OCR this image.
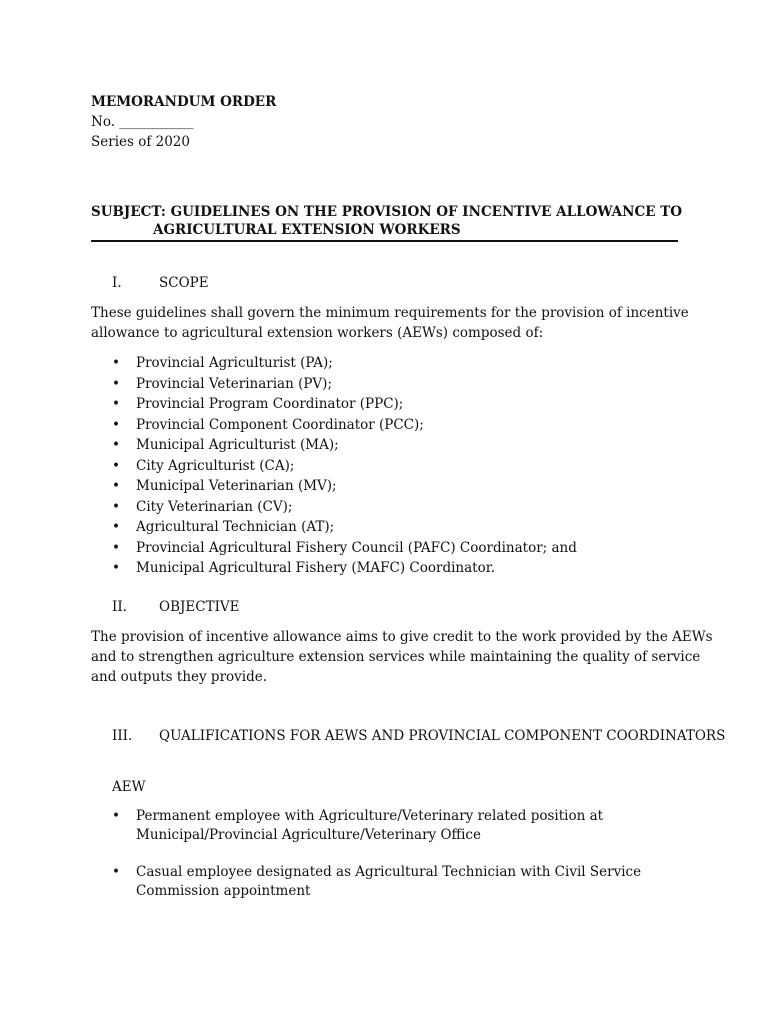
MEMORANDUM ORDER
No. ___________
Series of 2020
SUBJECT: GUIDELINES ON THE PROVISION OF INCENTIVE ALLOWANCE TO
AGRICULTURAL EXTENSION WORKERS
I.	SCOPE
These guidelines shall govern the minimum requirements for the provision of incentive
allowance to agricultural extension workers (AEWs) composed of:
• Provincial Agriculturist (PA);
• Provincial Veterinarian (PV);
• Provincial Program Coordinator (PPC);
• Provincial Component Coordinator (PCC);
• Municipal Agriculturist (MA);
• City Agriculturist (CA);
• Municipal Veterinarian (MV);
• City Veterinarian (CV);
• Agricultural Technician (AT);
• Provincial Agricultural Fishery Council (PAFC) Coordinator; and
• Municipal Agricultural Fishery (MAFC) Coordinator.
II. OBJECTIVE
The provision of incentive allowance aims to give credit to the work provided by the AEWs
and to strengthen agriculture extension services while maintaining the quality of service
and outputs they provide.
III. QUALIFICATIONS FOR AEWS AND PROVINCIAL COMPONENT COORDINATORS
AEW
• Permanent employee with Agriculture/Veterinary related position at
Municipal/Provincial Agriculture/Veterinary Office
• Casual employee designated as Agricultural Technician with Civil Service
Commission appointment
